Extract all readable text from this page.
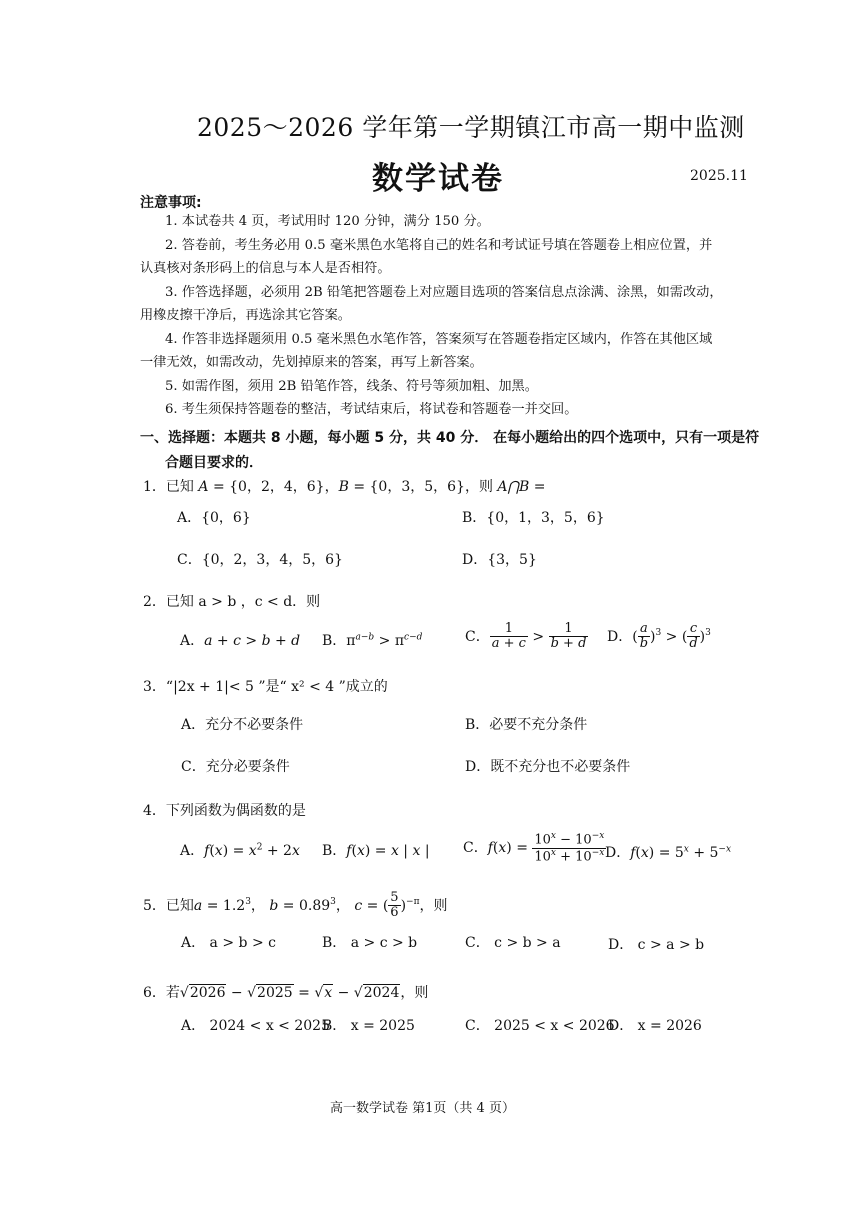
2025～2026 学年第一学期镇江市高一期中监测
数学试卷	2025.11
注意事项:
1. 本试卷共 4 页，考试用时 120 分钟，满分 150 分。
2. 答卷前，考生务必用 0.5 毫米黑色水笔将自己的姓名和考试证号填在答题卷上相应位置，并
认真核对条形码上的信息与本人是否相符。
3. 作答选择题，必须用 2B 铅笔把答题卷上对应题目选项的答案信息点涂满、涂黑，如需改动，
用橡皮擦干净后，再选涂其它答案。
4. 作答非选择题须用 0.5 毫米黑色水笔作答，答案须写在答题卷指定区域内，作答在其他区域
一律无效，如需改动，先划掉原来的答案，再写上新答案。
5. 如需作图，须用 2B 铅笔作答，线条、符号等须加粗、加黑。
6. 考生须保持答题卷的整洁，考试结束后，将试卷和答题卷一并交回。
一、选择题：本题共 8 小题，每小题 5 分，共 40 分． 在每小题给出的四个选项中，只有一项是符
合题目要求的．
1．已知 A = {0，2，4，6}，B = {0，3，5，6}，则 A⋂B =
A．{0，6}	B．{0，1，3，5，6}
C．{0，2，3，4，5，6}	D．{3，5}
2．已知 a > b ，c < d．则
A．a + c > b + d B．$\pi^{a-b} > \pi^{c-d}$	C． $\frac{1}{a + c} > \frac{1}{b + d}$ D．( $\frac{a}{b} )^3$ > ( $\frac{c}{d} )^3$
3．“|2x + 1|< 5 ”是“ x² < 4 ”成立的
A．充分不必要条件	B．必要不充分条件
C．充分必要条件	D．既不充分也不必要条件
4．下列函数为偶函数的是
A．$f(x) = x^2 + 2x$ B．f(x) = x | x | C．$f(x) = \frac{10^x - 10^{-x}}{10^x + 10^{-x}}$
D．$f(x) = 5^x + 5^{-x}$
5．已知$a = 1.2^3$， $b = 0.89^3$， c = ( $\frac{5}{6} )^{-\pi}$，则
A． a > b > c	B． a > c > b	C． c > b > a	D． c > a > b
6．若√2026 − √2025 = √x − √2024，则
A． 2024 < x < 2025
B． x = 2025	C． 2025 < x < 2026
D． x = 2026
高一数学试卷 第1页（共 4 页）
